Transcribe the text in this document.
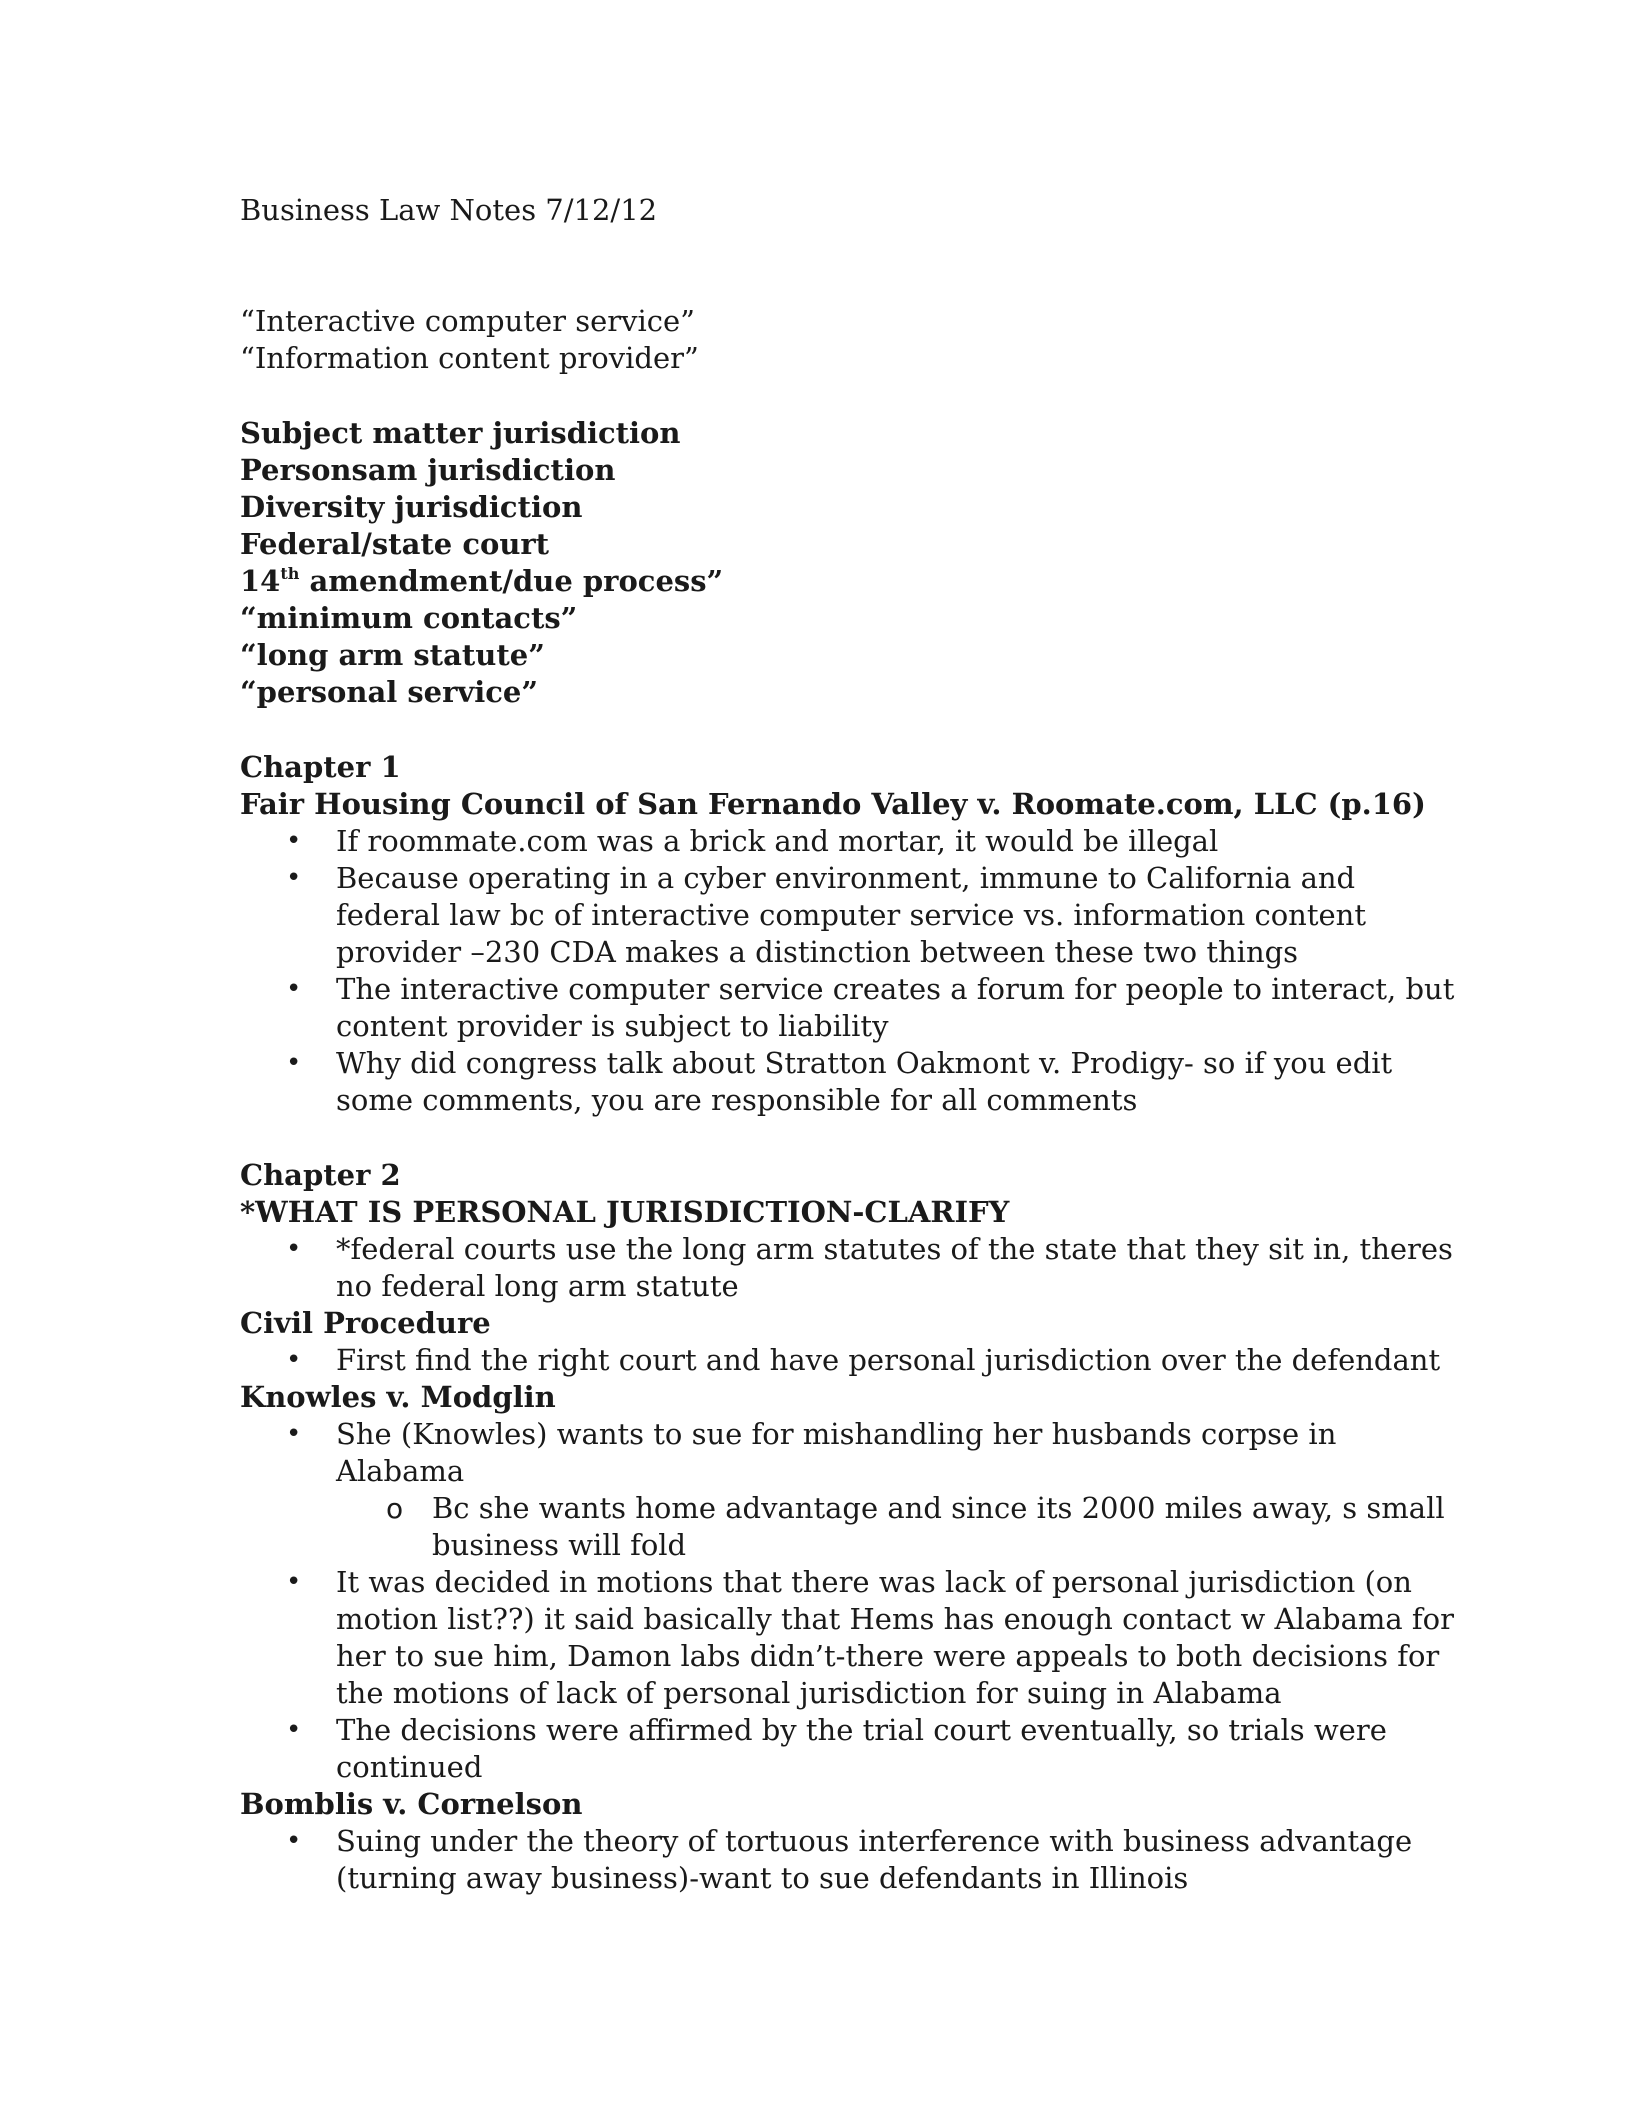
Business Law Notes 7/12/12
“Interactive computer service”
“Information content provider”
Subject matter jurisdiction
Personsam jurisdiction
Diversity jurisdiction
Federal/state court
14th amendment/due process”
“minimum contacts”
“long arm statute”
“personal service”
Chapter 1
Fair Housing Council of San Fernando Valley v. Roomate.com, LLC (p.16)
• If roommate.com was a brick and mortar, it would be illegal
• Because operating in a cyber environment, immune to California and federal law bc of interactive computer service vs. information content provider –230 CDA makes a distinction between these two things
• The interactive computer service creates a forum for people to interact, but content provider is subject to liability
• Why did congress talk about Stratton Oakmont v. Prodigy- so if you edit some comments, you are responsible for all comments
Chapter 2
*WHAT IS PERSONAL JURISDICTION-CLARIFY
• *federal courts use the long arm statutes of the state that they sit in, theres no federal long arm statute
Civil Procedure
• First find the right court and have personal jurisdiction over the defendant
Knowles v. Modglin
• She (Knowles) wants to sue for mishandling her husbands corpse in Alabama
o Bc she wants home advantage and since its 2000 miles away, s small business will fold
• It was decided in motions that there was lack of personal jurisdiction (on motion list??) it said basically that Hems has enough contact w Alabama for her to sue him, Damon labs didn’t-there were appeals to both decisions for the motions of lack of personal jurisdiction for suing in Alabama
• The decisions were affirmed by the trial court eventually, so trials were continued
Bomblis v. Cornelson
• Suing under the theory of tortuous interference with business advantage (turning away business)-want to sue defendants in Illinois
